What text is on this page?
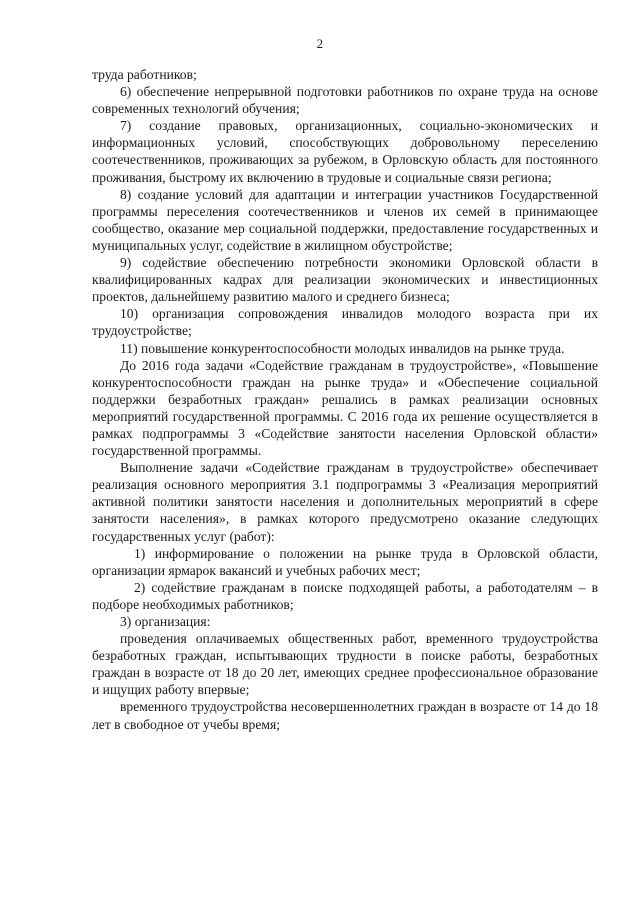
2

труда работников;

6) обеспечение непрерывной подготовки работников по охране труда на основе современных технологий обучения;

7) создание правовых, организационных, социально-экономических и информационных условий, способствующих добровольному переселению соотечественников, проживающих за рубежом, в Орловскую область для постоянного проживания, быстрому их включению в трудовые и социальные связи региона;

8) создание условий для адаптации и интеграции участников Государственной программы переселения соотечественников и членов их семей в принимающее сообщество, оказание мер социальной поддержки, предоставление государственных и муниципальных услуг, содействие в жилищном обустройстве;

9) содействие обеспечению потребности экономики Орловской области в квалифицированных кадрах для реализации экономических и инвестиционных проектов, дальнейшему развитию малого и среднего бизнеса;

10) организация сопровождения инвалидов молодого возраста при их трудоустройстве;

11) повышение конкурентоспособности молодых инвалидов на рынке труда.

До 2016 года задачи «Содействие гражданам в трудоустройстве», «Повышение конкурентоспособности граждан на рынке труда» и «Обеспечение социальной поддержки безработных граждан» решались в рамках реализации основных мероприятий государственной программы. С 2016 года их решение осуществляется в рамках подпрограммы 3 «Содействие занятости населения Орловской области» государственной программы.

Выполнение задачи «Содействие гражданам в трудоустройстве» обеспечивает реализация основного мероприятия 3.1 подпрограммы 3 «Реализация мероприятий активной политики занятости населения и дополнительных мероприятий в сфере занятости населения», в рамках которого предусмотрено оказание следующих государственных услуг (работ):

1) информирование о положении на рынке труда в Орловской области, организации ярмарок вакансий и учебных рабочих мест;

2) содействие гражданам в поиске подходящей работы, а работодателям – в подборе необходимых работников;

3) организация:

проведения оплачиваемых общественных работ, временного трудоустройства безработных граждан, испытывающих трудности в поиске работы, безработных граждан в возрасте от 18 до 20 лет, имеющих среднее профессиональное образование и ищущих работу впервые;

временного трудоустройства несовершеннолетних граждан в возрасте от 14 до 18 лет в свободное от учебы время;
